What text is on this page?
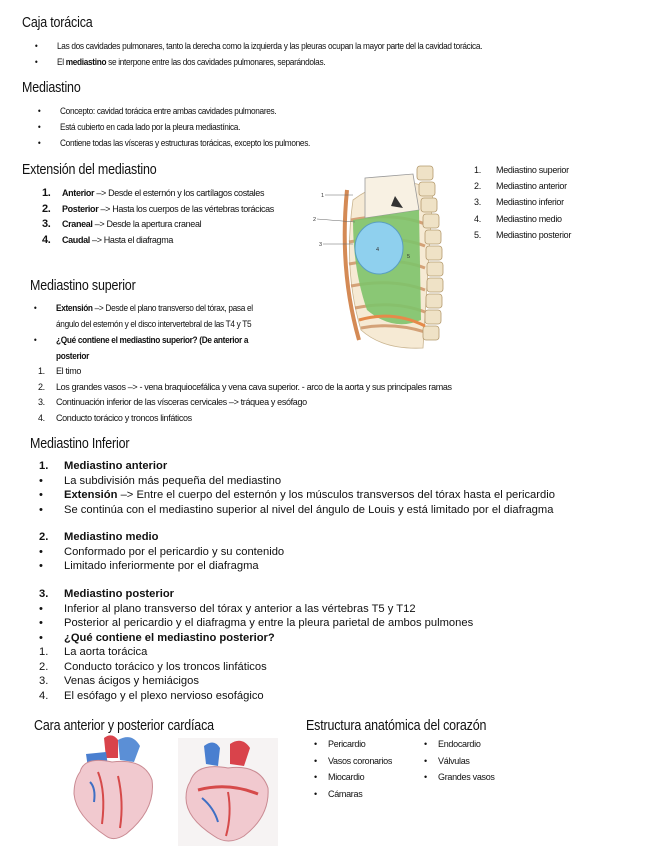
Caja torácica
• Las dos cavidades pulmonares, tanto la derecha como la izquierda y las pleuras ocupan la mayor parte del la cavidad torácica.
• El mediastino se interpone entre las dos cavidades pulmonares, separándolas.
Mediastino
• Concepto: cavidad torácica entre ambas cavidades pulmonares.
• Está cubierto en cada lado por la pleura mediastínica.
• Contiene todas las vísceras y estructuras torácicas, excepto los pulmones.
Extensión del mediastino
1. Anterior –> Desde el esternón y los cartílagos costales
2. Posterior –> Hasta los cuerpos de las vértebras torácicas
3. Craneal –> Desde la apertura craneal
4. Caudal –> Hasta el diafragma
1
2
3
4
5
1. Mediastino superior
2. Mediastino anterior
3. Mediastino inferior
4. Mediastino medio
5. Mediastino posterior
Mediastino superior
• Extensión –> Desde el plano transverso del tórax, pasa el
ángulo del esternón y el disco intervertebral de las T4 y T5
• ¿Qué contiene el mediastino superior? (De anterior a
posterior
1. El timo
2. Los grandes vasos –> - vena braquiocefálica y vena cava superior. - arco de la aorta y sus principales ramas
3. Continuación inferior de las vísceras cervicales –> tráquea y esófago
4. Conducto torácico y troncos linfáticos
Mediastino Inferior
1. Mediastino anterior
• La subdivisión más pequeña del mediastino
• Extensión –> Entre el cuerpo del esternón y los músculos transversos del tórax hasta el pericardio
• Se continúa con el mediastino superior al nivel del ángulo de Louis y está limitado por el diafragma
2. Mediastino medio
• Conformado por el pericardio y su contenido
• Limitado inferiormente por el diafragma
3. Mediastino posterior
• Inferior al plano transverso del tórax y anterior a las vértebras T5 y T12
• Posterior al pericardio y el diafragma y entre la pleura parietal de ambos pulmones
• ¿Qué contiene el mediastino posterior?
1. La aorta torácica
2. Conducto torácico y los troncos linfáticos
3. Venas ácigos y hemiácigos
4. El esófago y el plexo nervioso esofágico
Cara anterior y posterior cardíaca	Estructura anatómica del corazón
• Pericardio
• Vasos coronarios
• Miocardio
• Cámaras
• Endocardio
• Válvulas
• Grandes vasos
